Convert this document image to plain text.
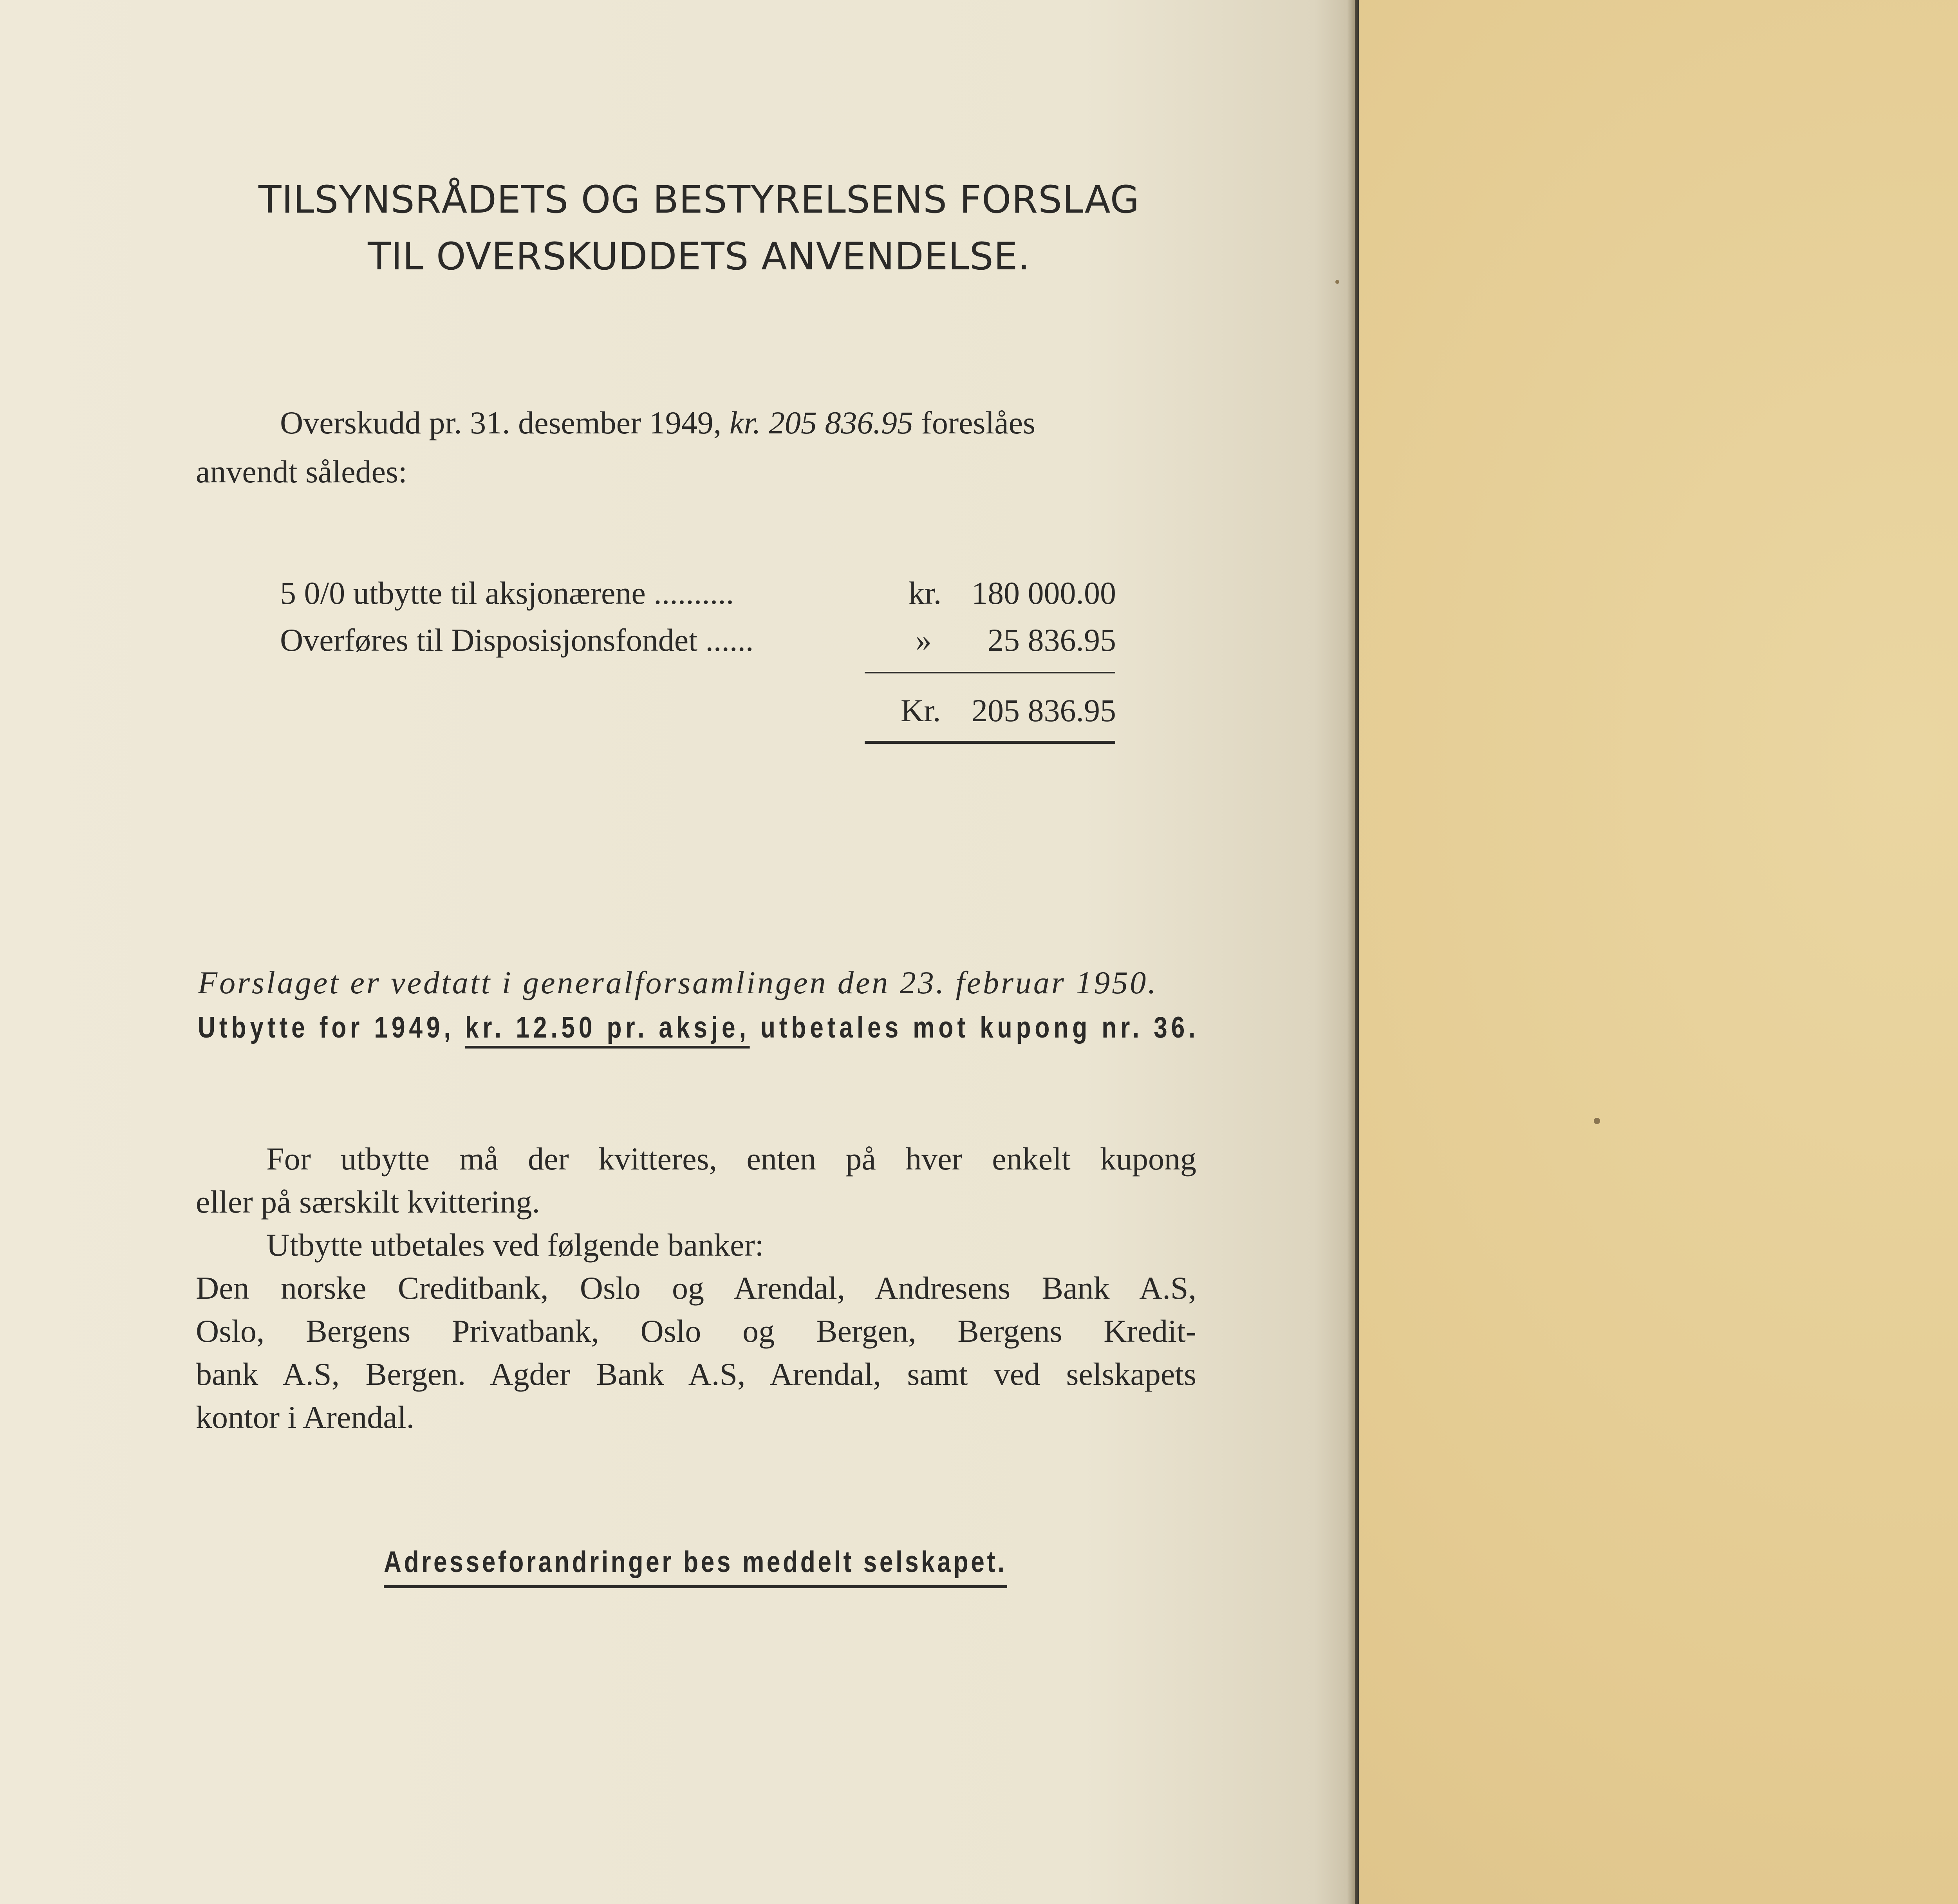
TILSYNSRÅDETS OG BESTYRELSENS FORSLAG
TIL OVERSKUDDETS ANVENDELSE.
Overskudd pr. 31. desember 1949, kr. 205 836.95 foreslåes
anvendt således:
5 0/0 utbytte til aksjonærene ..........	kr. 180 000.00
Overføres til Disposisjonsfondet ......	»	25 836.95
Kr. 205 836.95
Forslaget er vedtatt i generalforsamlingen den 23. februar 1950.
Utbytte for 1949, kr. 12.50 pr. aksje, utbetales mot kupong nr. 36.
For utbytte må der kvitteres, enten på hver enkelt kupong
eller på særskilt kvittering.
Utbytte utbetales ved følgende banker:
Den norske Creditbank, Oslo og Arendal, Andresens Bank A.S,
Oslo, Bergens Privatbank, Oslo og Bergen, Bergens Kredit-
bank A.S, Bergen. Agder Bank A.S, Arendal, samt ved selskapets
kontor i Arendal.
Adresseforandringer bes meddelt selskapet.
